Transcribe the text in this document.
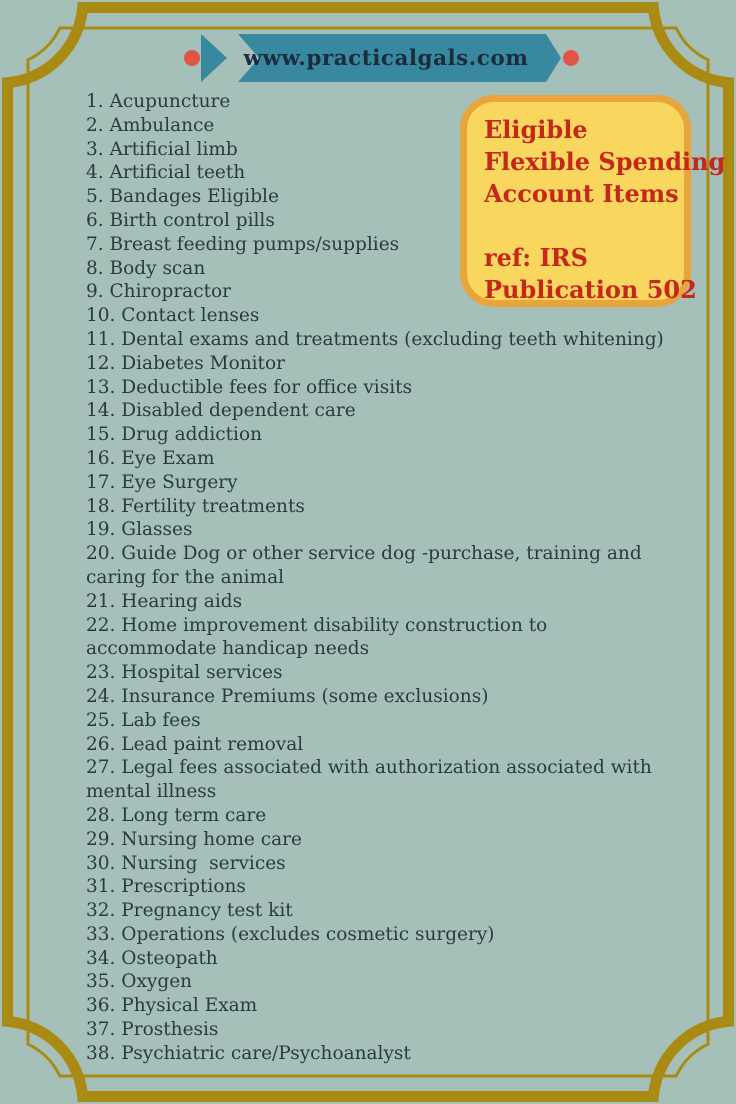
www.practicalgals.com
Eligible
Flexible Spending
Account Items
ref: IRS
Publication 502
1. Acupuncture
2. Ambulance
3. Artificial limb
4. Artificial teeth
5. Bandages Eligible
6. Birth control pills
7. Breast feeding pumps/supplies
8. Body scan
9. Chiropractor
10. Contact lenses
11. Dental exams and treatments (excluding teeth whitening)
12. Diabetes Monitor
13. Deductible fees for office visits
14. Disabled dependent care
15. Drug addiction
16. Eye Exam
17. Eye Surgery
18. Fertility treatments
19. Glasses
20. Guide Dog or other service dog -purchase, training and caring for the animal
21. Hearing aids
22. Home improvement disability construction to accommodate handicap needs
23. Hospital services
24. Insurance Premiums (some exclusions)
25. Lab fees
26. Lead paint removal
27. Legal fees associated with authorization associated with mental illness
28. Long term care
29. Nursing home care
30. Nursing  services
31. Prescriptions
32. Pregnancy test kit
33. Operations (excludes cosmetic surgery)
34. Osteopath
35. Oxygen
36. Physical Exam
37. Prosthesis
38. Psychiatric care/Psychoanalyst
